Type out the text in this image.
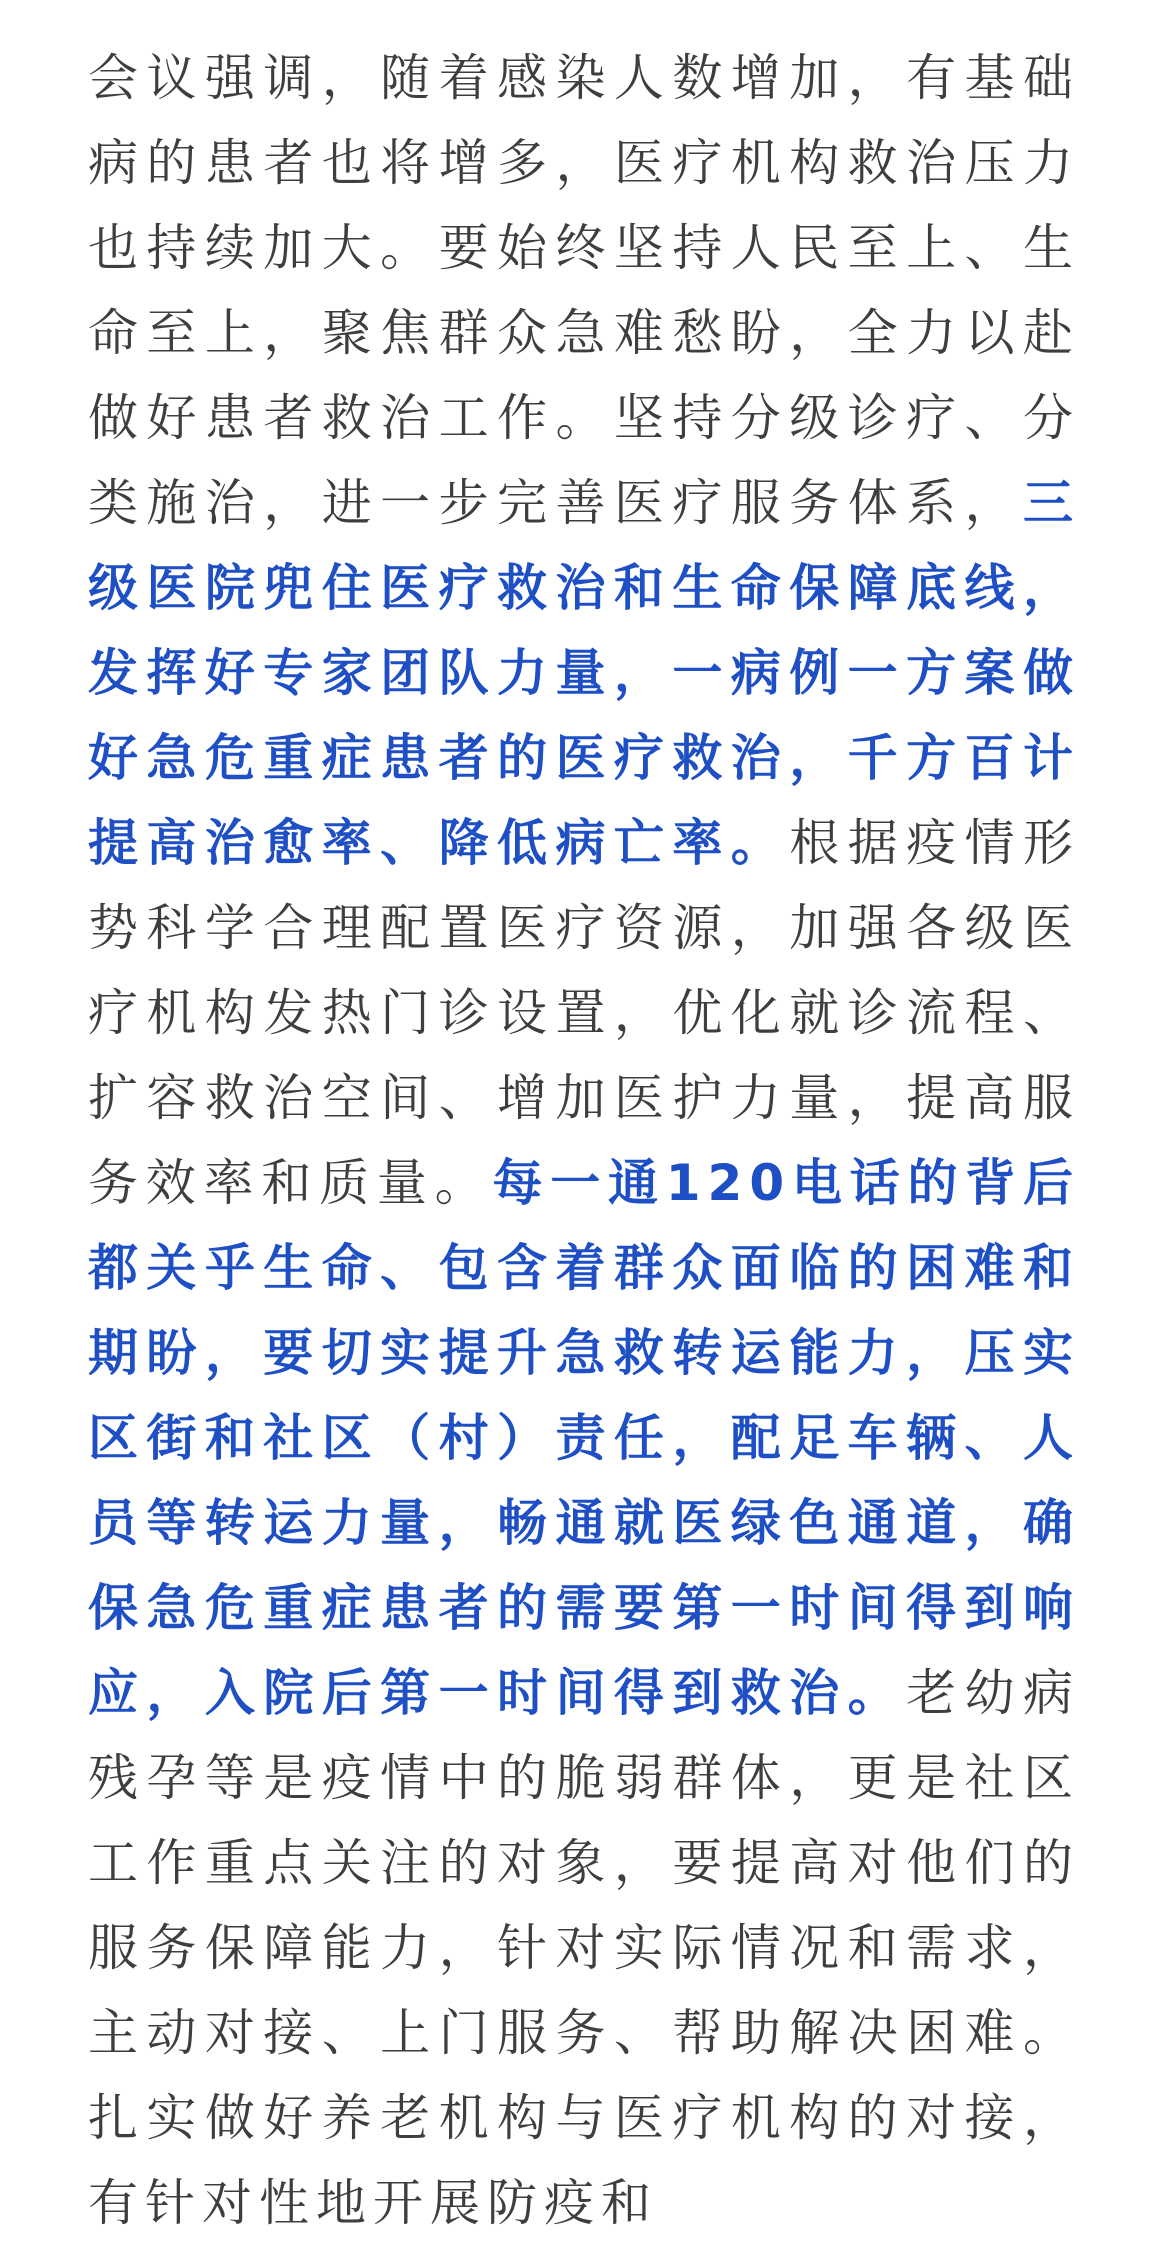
会议强调，随着感染人数增加，有基础病的患者也将增多，医疗机构救治压力也持续加大。要始终坚持人民至上、生命至上，聚焦群众急难愁盼，全力以赴做好患者救治工作。坚持分级诊疗、分类施治，进一步完善医疗服务体系，三级医院兜住医疗救治和生命保障底线，发挥好专家团队力量，一病例一方案做好急危重症患者的医疗救治，千方百计提高治愈率、降低病亡率。根据疫情形势科学合理配置医疗资源，加强各级医疗机构发热门诊设置，优化就诊流程、扩容救治空间、增加医护力量，提高服务效率和质量。每一通120电话的背后都关乎生命、包含着群众面临的困难和期盼，要切实提升急救转运能力，压实区街和社区（村）责任，配足车辆、人员等转运力量，畅通就医绿色通道，确保急危重症患者的需要第一时间得到响应，入院后第一时间得到救治。老幼病残孕等是疫情中的脆弱群体，更是社区工作重点关注的对象，要提高对他们的服务保障能力，针对实际情况和需求，主动对接、上门服务、帮助解决困难。扎实做好养老机构与医疗机构的对接，有针对性地开展防疫和
